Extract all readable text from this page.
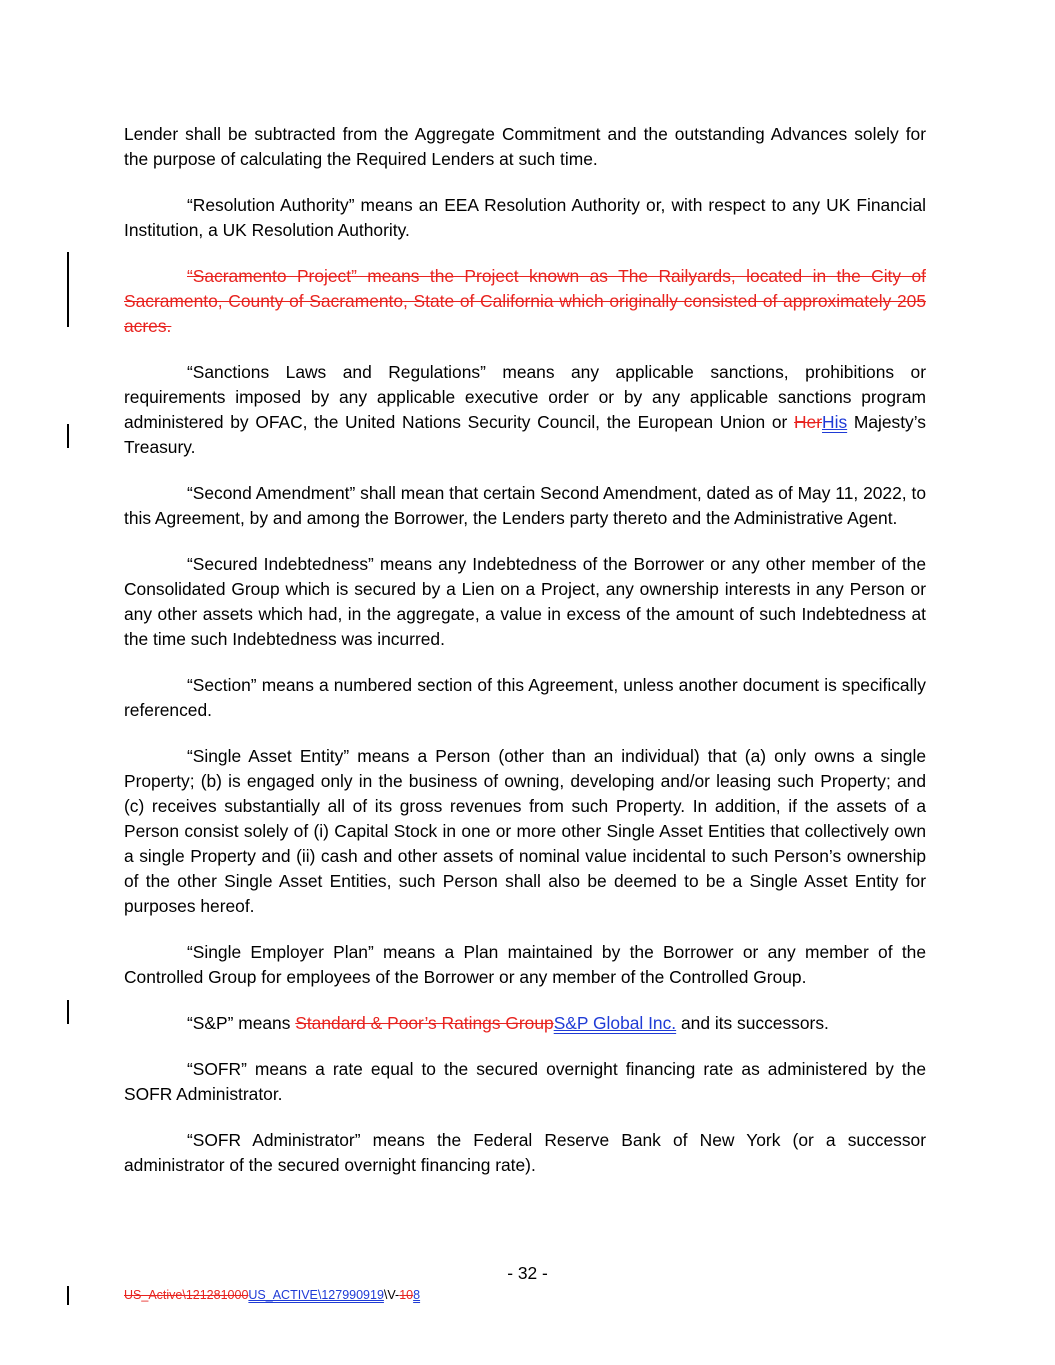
Lender shall be subtracted from the Aggregate Commitment and the outstanding Advances solely for the purpose of calculating the Required Lenders at such time.

“Resolution Authority” means an EEA Resolution Authority or, with respect to any UK Financial Institution, a UK Resolution Authority.

“Sacramento Project” means the Project known as The Railyards, located in the City of Sacramento, County of Sacramento, State of California which originally consisted of approximately 205 acres.

“Sanctions Laws and Regulations” means any applicable sanctions, prohibitions or requirements imposed by any applicable executive order or by any applicable sanctions program administered by OFAC, the United Nations Security Council, the European Union or HerHis Majesty’s Treasury.

“Second Amendment” shall mean that certain Second Amendment, dated as of May 11, 2022, to this Agreement, by and among the Borrower, the Lenders party thereto and the Administrative Agent.

“Secured Indebtedness” means any Indebtedness of the Borrower or any other member of the Consolidated Group which is secured by a Lien on a Project, any ownership interests in any Person or any other assets which had, in the aggregate, a value in excess of the amount of such Indebtedness at the time such Indebtedness was incurred.

“Section” means a numbered section of this Agreement, unless another document is specifically referenced.

“Single Asset Entity” means a Person (other than an individual) that (a) only owns a single Property; (b) is engaged only in the business of owning, developing and/or leasing such Property; and (c) receives substantially all of its gross revenues from such Property. In addition, if the assets of a Person consist solely of (i) Capital Stock in one or more other Single Asset Entities that collectively own a single Property and (ii) cash and other assets of nominal value incidental to such Person’s ownership of the other Single Asset Entities, such Person shall also be deemed to be a Single Asset Entity for purposes hereof.

“Single Employer Plan” means a Plan maintained by the Borrower or any member of the Controlled Group for employees of the Borrower or any member of the Controlled Group.

“S&P” means Standard & Poor’s Ratings GroupS&P Global Inc. and its successors.

“SOFR” means a rate equal to the secured overnight financing rate as administered by the SOFR Administrator.

“SOFR Administrator” means the Federal Reserve Bank of New York (or a successor administrator of the secured overnight financing rate).

- 32 -
US_Active\121281000US_ACTIVE\127990919\V-108
